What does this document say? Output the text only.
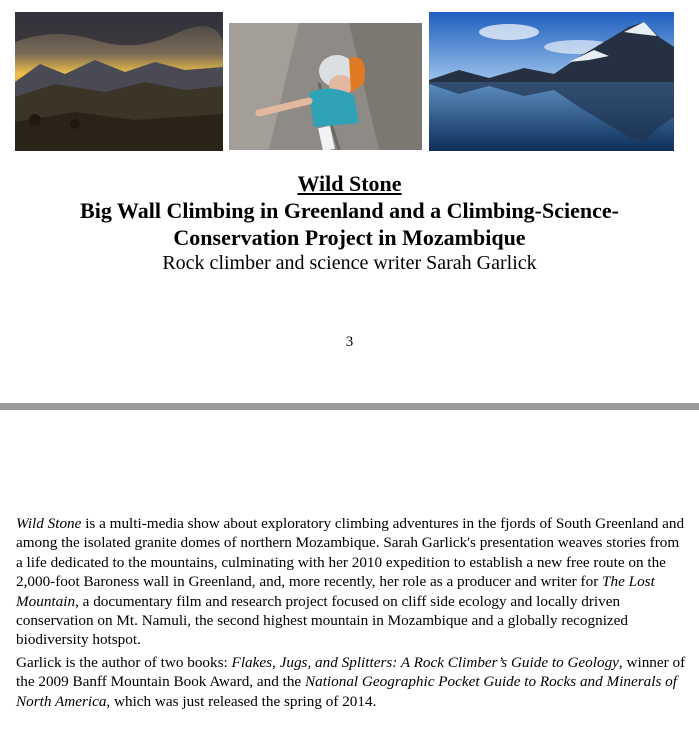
Wild Stone
Big Wall Climbing in Greenland and a Climbing-Science-Conservation Project in Mozambique
Rock climber and science writer Sarah Garlick
3
Wild Stone is a multi-media show about exploratory climbing adventures in the fjords of South Greenland and among the isolated granite domes of northern Mozambique. Sarah Garlick's presentation weaves stories from a life dedicated to the mountains, culminating with her 2010 expedition to establish a new free route on the 2,000-foot Baroness wall in Greenland, and, more recently, her role as a producer and writer for The Lost Mountain, a documentary film and research project focused on cliff side ecology and locally driven conservation on Mt. Namuli, the second highest mountain in Mozambique and a globally recognized biodiversity hotspot.
Garlick is the author of two books: Flakes, Jugs, and Splitters: A Rock Climber’s Guide to Geology, winner of the 2009 Banff Mountain Book Award, and the National Geographic Pocket Guide to Rocks and Minerals of North America, which was just released the spring of 2014.
